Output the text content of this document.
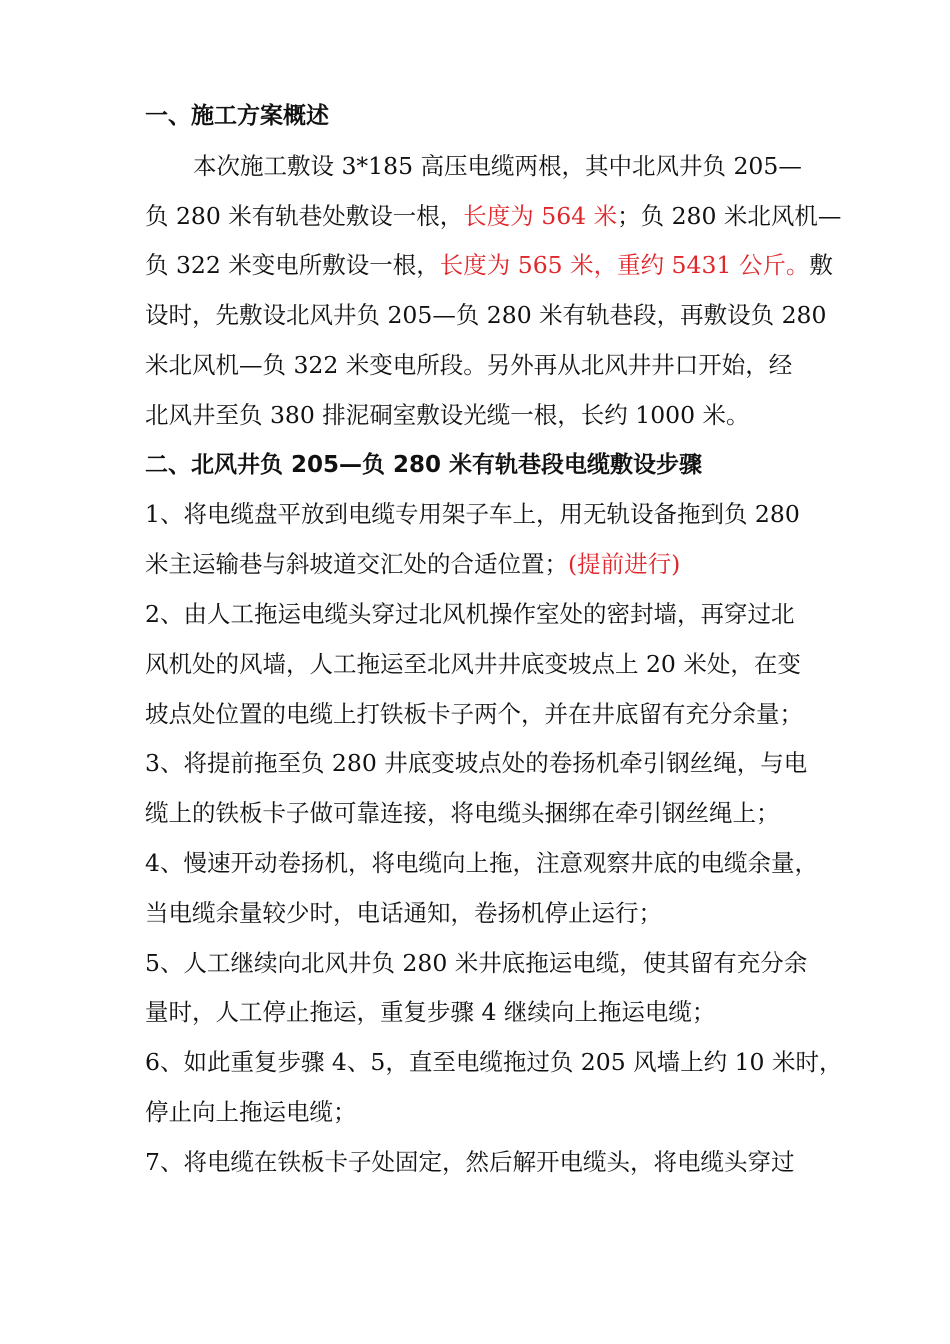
一、施工方案概述
本次施工敷设 3*185 高压电缆两根，其中北风井负 205—
负 280 米有轨巷处敷设一根，长度为 564 米；负 280 米北风机—
负 322 米变电所敷设一根，长度为 565 米，重约 5431 公斤。敷
设时，先敷设北风井负 205—负 280 米有轨巷段，再敷设负 280
米北风机—负 322 米变电所段。另外再从北风井井口开始，经
北风井至负 380 排泥硐室敷设光缆一根，长约 1000 米。
二、北风井负 205—负 280 米有轨巷段电缆敷设步骤
1、将电缆盘平放到电缆专用架子车上，用无轨设备拖到负 280
米主运输巷与斜坡道交汇处的合适位置；(提前进行)
2、由人工拖运电缆头穿过北风机操作室处的密封墙，再穿过北
风机处的风墙，人工拖运至北风井井底变坡点上 20 米处，在变
坡点处位置的电缆上打铁板卡子两个，并在井底留有充分余量；
3、将提前拖至负 280 井底变坡点处的卷扬机牵引钢丝绳，与电
缆上的铁板卡子做可靠连接，将电缆头捆绑在牵引钢丝绳上；
4、慢速开动卷扬机，将电缆向上拖，注意观察井底的电缆余量，
当电缆余量较少时，电话通知，卷扬机停止运行；
5、人工继续向北风井负 280 米井底拖运电缆，使其留有充分余
量时，人工停止拖运，重复步骤 4 继续向上拖运电缆；
6、如此重复步骤 4、5，直至电缆拖过负 205 风墙上约 10 米时，
停止向上拖运电缆；
7、将电缆在铁板卡子处固定，然后解开电缆头，将电缆头穿过
